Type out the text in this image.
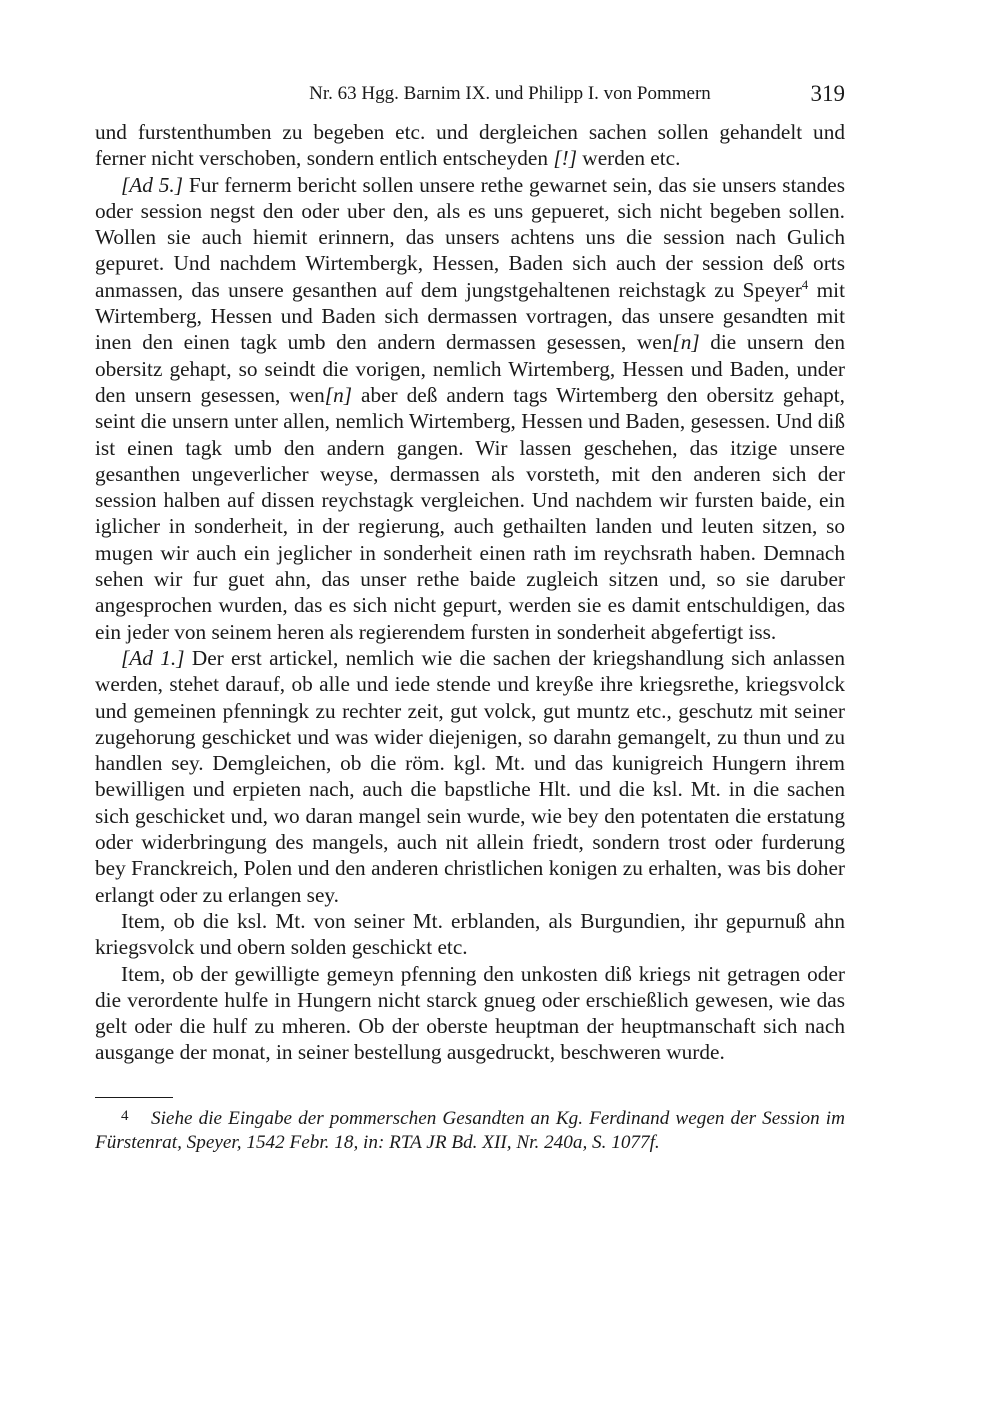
Nr. 63 Hgg. Barnim IX. und Philipp I. von Pommern	319

und furstenthumben zu begeben etc. und dergleichen sachen sollen gehandelt und ferner nicht verschoben, sondern entlich entscheyden [!] werden etc.

[Ad 5.] Fur fernerm bericht sollen unsere rethe gewarnet sein, das sie unsers standes oder session negst den oder uber den, als es uns gepueret, sich nicht begeben sollen. Wollen sie auch hiemit erinnern, das unsers achtens uns die session nach Gulich gepuret. Und nachdem Wirtembergk, Hessen, Baden sich auch der session deß orts anmassen, das unsere gesanthen auf dem jungstgehaltenen reichstagk zu Speyer$^4$ mit Wirtemberg, Hessen und Baden sich dermassen vortragen, das unsere gesandten mit inen den einen tagk umb den andern dermassen gesessen, wen[n] die unsern den obersitz gehapt, so seindt die vorigen, nemlich Wirtemberg, Hessen und Baden, under den unsern gesessen, wen[n] aber deß andern tags Wirtemberg den obersitz gehapt, seint die unsern unter allen, nemlich Wirtemberg, Hessen und Baden, gesessen. Und diß ist einen tagk umb den andern gangen. Wir lassen geschehen, das itzige unsere gesanthen ungeverlicher weyse, dermassen als vorsteth, mit den anderen sich der session halben auf dissen reychstagk vergleichen. Und nachdem wir fursten baide, ein iglicher in sonderheit, in der regierung, auch gethailten landen und leuten sitzen, so mugen wir auch ein jeglicher in sonderheit einen rath im reychsrath haben. Demnach sehen wir fur guet ahn, das unser rethe baide zugleich sitzen und, so sie daruber angesprochen wurden, das es sich nicht gepurt, werden sie es damit entschuldigen, das ein jeder von seinem heren als regierendem fursten in sonderheit abgefertigt iss.

[Ad 1.] Der erst artickel, nemlich wie die sachen der kriegshandlung sich anlassen werden, stehet darauf, ob alle und iede stende und kreyße ihre kriegsrethe, kriegsvolck und gemeinen pfenningk zu rechter zeit, gut volck, gut muntz etc., geschutz mit seiner zugehorung geschicket und was wider diejenigen, so darahn gemangelt, zu thun und zu handlen sey. Demgleichen, ob die röm. kgl. Mt. und das kunigreich Hungern ihrem bewilligen und erpieten nach, auch die bapstliche Hlt. und die ksl. Mt. in die sachen sich geschicket und, wo daran mangel sein wurde, wie bey den potentaten die erstatung oder widerbringung des mangels, auch nit allein friedt, sondern trost oder furderung bey Franckreich, Polen und den anderen christlichen konigen zu erhalten, was bis doher erlangt oder zu erlangen sey.

Item, ob die ksl. Mt. von seiner Mt. erblanden, als Burgundien, ihr gepurnuß ahn kriegsvolck und obern solden geschickt etc.

Item, ob der gewilligte gemeyn pfenning den unkosten diß kriegs nit getragen oder die verordente hulfe in Hungern nicht starck gnueg oder erschießlich gewesen, wie das gelt oder die hulf zu mheren. Ob der oberste heuptman der heuptmanschaft sich nach ausgange der monat, in seiner bestellung ausgedruckt, beschweren wurde.

4 Siehe die Eingabe der pommerschen Gesandten an Kg. Ferdinand wegen der Session im Fürstenrat, Speyer, 1542 Febr. 18, in: RTA JR Bd. XII, Nr. 240a, S. 1077f.
